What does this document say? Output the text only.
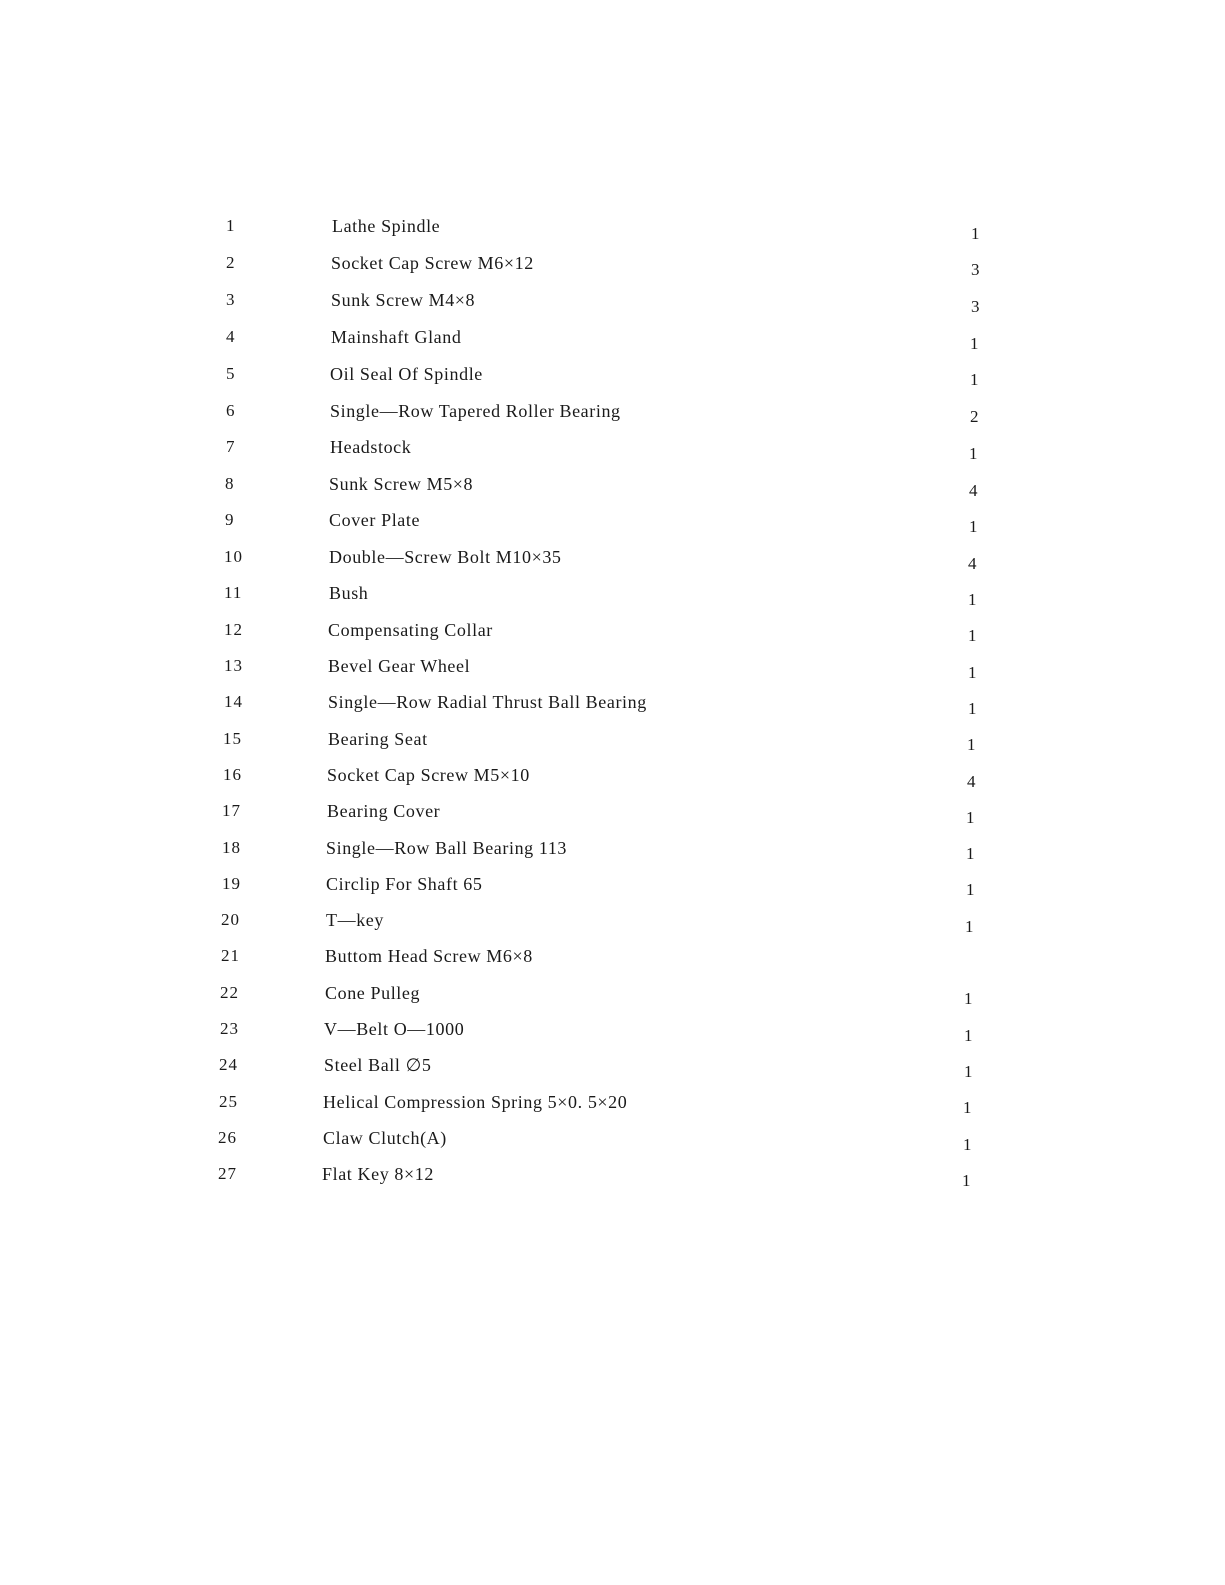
1	Lathe Spindle	1
2	Socket Cap Screw M6×12	3
3	Sunk Screw M4×8	3
4	Mainshaft Gland	1
5	Oil Seal Of Spindle	1
6	Single—Row Tapered Roller Bearing	2
7	Headstock	1
8	Sunk Screw M5×8	4
9	Cover Plate	1
10	Double—Screw Bolt M10×35	4
11	Bush	1
12	Compensating Collar	1
13	Bevel Gear Wheel	1
14	Single—Row Radial Thrust Ball Bearing	1
15	Bearing Seat	1
16	Socket Cap Screw M5×10	4
17	Bearing Cover	1
18	Single—Row Ball Bearing 113	1
19	Circlip For Shaft 65	1
20	T—key	1
21	Buttom Head Screw M6×8
22	Cone Pulleg	1
23	V—Belt O—1000	1
24	Steel Ball ∅5	1
25	Helical Compression Spring 5×0. 5×20	1
26	Claw Clutch(A)	1
27	Flat Key 8×12	1
